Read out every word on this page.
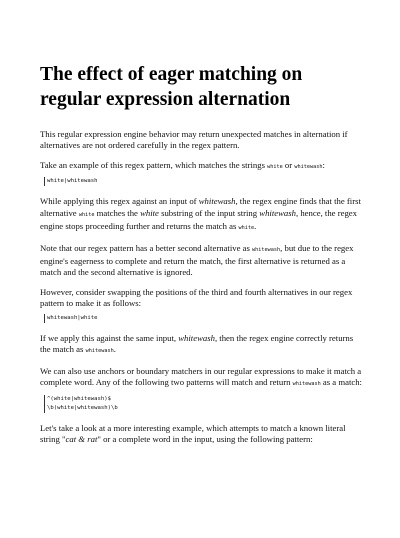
The effect of eager matching on
regular expression alternation

This regular expression engine behavior may return unexpected matches in alternation if alternatives are not ordered carefully in the regex pattern.

Take an example of this regex pattern, which matches the strings white or whitewash:

white|whitewash

While applying this regex against an input of whitewash, the regex engine finds that the first alternative white matches the white substring of the input string whitewash, hence, the regex engine stops proceeding further and returns the match as white.

Note that our regex pattern has a better second alternative as whitewash, but due to the regex engine's eagerness to complete and return the match, the first alternative is returned as a match and the second alternative is ignored.

However, consider swapping the positions of the third and fourth alternatives in our regex pattern to make it as follows:

whitewash|white

If we apply this against the same input, whitewash, then the regex engine correctly returns the match as whitewash.

We can also use anchors or boundary matchers in our regular expressions to make it match a complete word. Any of the following two patterns will match and return whitewash as a match:

^(white|whitewash)$
\b(white|whitewash)\b

Let's take a look at a more interesting example, which attempts to match a known literal string "cat & rat" or a complete word in the input, using the following pattern:
